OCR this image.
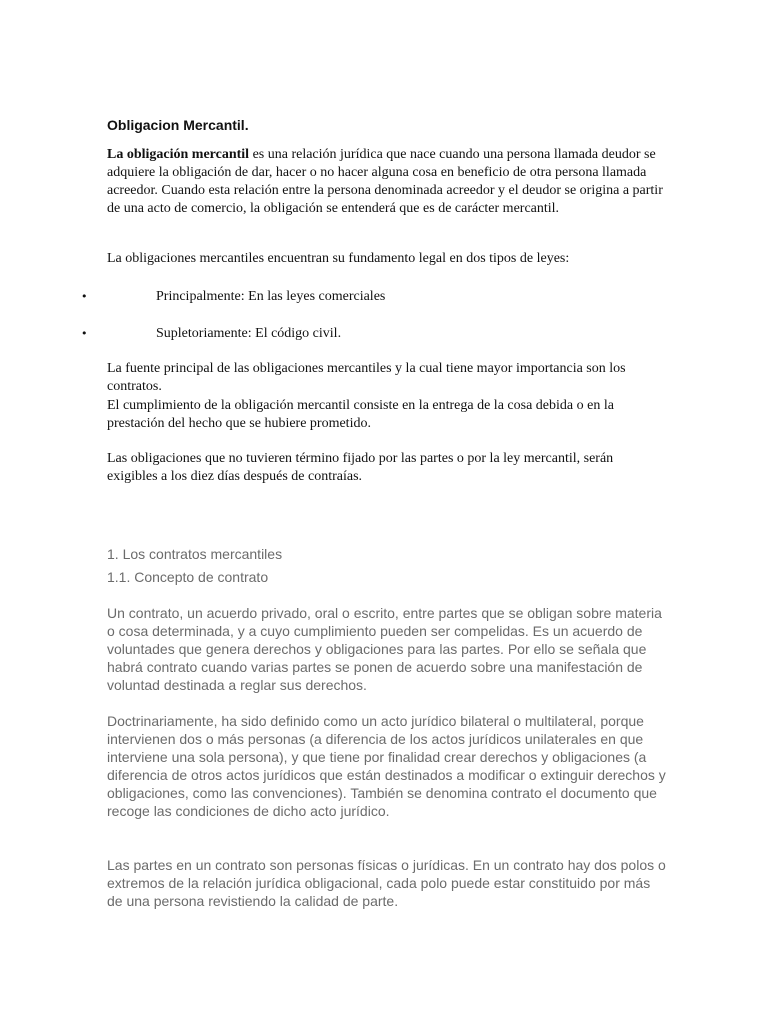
Obligacion Mercantil.

La obligación mercantil es una relación jurídica que nace cuando una persona llamada deudor se adquiere la obligación de dar, hacer o no hacer alguna cosa en beneficio de otra persona llamada acreedor. Cuando esta relación entre la persona denominada acreedor y el deudor se origina a partir de una acto de comercio, la obligación se entenderá que es de carácter mercantil.

La obligaciones mercantiles encuentran su fundamento legal en dos tipos de leyes:

•	Principalmente: En las leyes comerciales
•	Supletoriamente: El código civil.

La fuente principal de las obligaciones mercantiles y la cual tiene mayor importancia son los contratos.

El cumplimiento de la obligación mercantil consiste en la entrega de la cosa debida o en la prestación del hecho que se hubiere prometido.

Las obligaciones que no tuvieren término fijado por las partes o por la ley mercantil, serán exigibles a los diez días después de contraías.

1. Los contratos mercantiles

1.1. Concepto de contrato

Un contrato, un acuerdo privado, oral o escrito, entre partes que se obligan sobre materia o cosa determinada, y a cuyo cumplimiento pueden ser compelidas. Es un acuerdo de voluntades que genera derechos y obligaciones para las partes. Por ello se señala que habrá contrato cuando varias partes se ponen de acuerdo sobre una manifestación de voluntad destinada a reglar sus derechos.

Doctrinariamente, ha sido definido como un acto jurídico bilateral o multilateral, porque intervienen dos o más personas (a diferencia de los actos jurídicos unilaterales en que interviene una sola persona), y que tiene por finalidad crear derechos y obligaciones (a diferencia de otros actos jurídicos que están destinados a modificar o extinguir derechos y obligaciones, como las convenciones). También se denomina contrato el documento que recoge las condiciones de dicho acto jurídico.

Las partes en un contrato son personas físicas o jurídicas. En un contrato hay dos polos o extremos de la relación jurídica obligacional, cada polo puede estar constituido por más de una persona revistiendo la calidad de parte.
